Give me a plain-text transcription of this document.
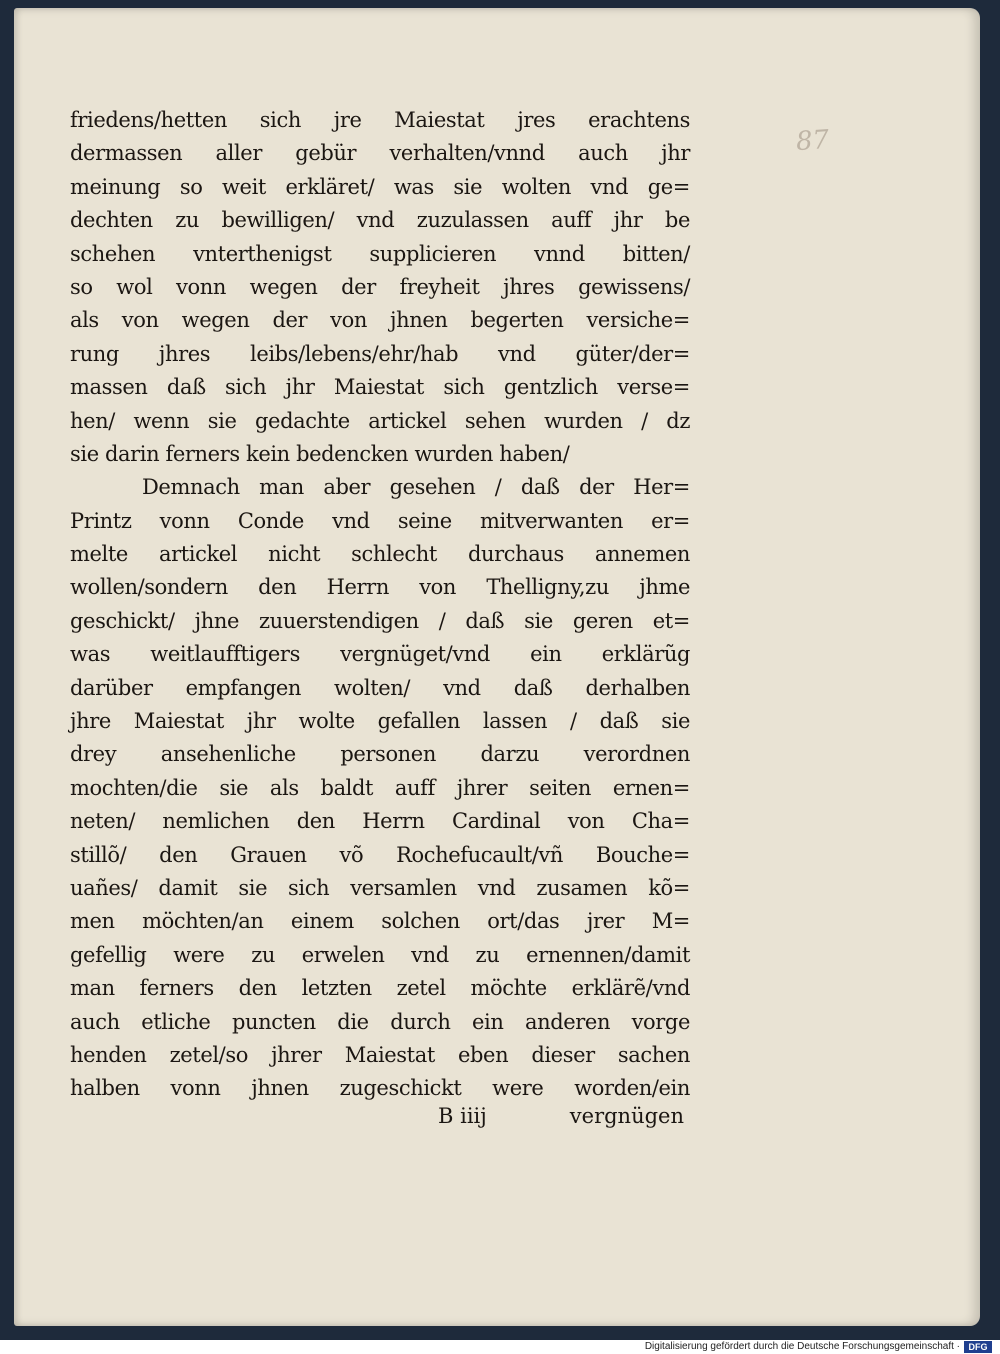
87
friedens/hetten sich jre Maiestat jres erachtens
dermassen aller gebür verhalten/vnnd auch jhr
meinung so weit erkläret/ was sie wolten vnd ge=
dechten zu bewilligen/ vnd zuzulassen auff jhr be
schehen vnterthenigst supplicieren vnnd bitten/
so wol vonn wegen der freyheit jhres gewissens/
als von wegen der von jhnen begerten versiche=
rung jhres leibs/lebens/ehr/hab vnd güter/der=
massen daß sich jhr Maiestat sich gentzlich verse=
hen/ wenn sie gedachte artickel sehen wurden / dz
sie darin ferners kein bedencken wurden haben/
Demnach man aber gesehen / daß der Her=
Printz vonn Conde vnd seine mitverwanten er=
melte artickel nicht schlecht durchaus annemen
wollen/sondern den Herrn von Thelligny,zu jhme
geschickt/ jhne zuuerstendigen / daß sie geren et=
was weitlaufftigers vergnüget/vnd ein erklärũg
darüber empfangen wolten/ vnd daß derhalben
jhre Maiestat jhr wolte gefallen lassen / daß sie
drey ansehenliche personen darzu verordnen
mochten/die sie als baldt auff jhrer seiten ernen=
neten/ nemlichen den Herrn Cardinal von Cha=
stillõ/ den Grauen võ Rochefucault/vñ Bouche=
uañes/ damit sie sich versamlen vnd zusamen kõ=
men möchten/an einem solchen ort/das jrer M=
gefellig were zu erwelen vnd zu ernennen/damit
man ferners den letzten zetel möchte erklärẽ/vnd
auch etliche puncten die durch ein anderen vorge
henden zetel/so jhrer Maiestat eben dieser sachen
halben vonn jhnen zugeschickt were worden/ein
B iiij	vergnügen
Digitalisierung gefördert durch die Deutsche Forschungsgemeinschaft · DFG
